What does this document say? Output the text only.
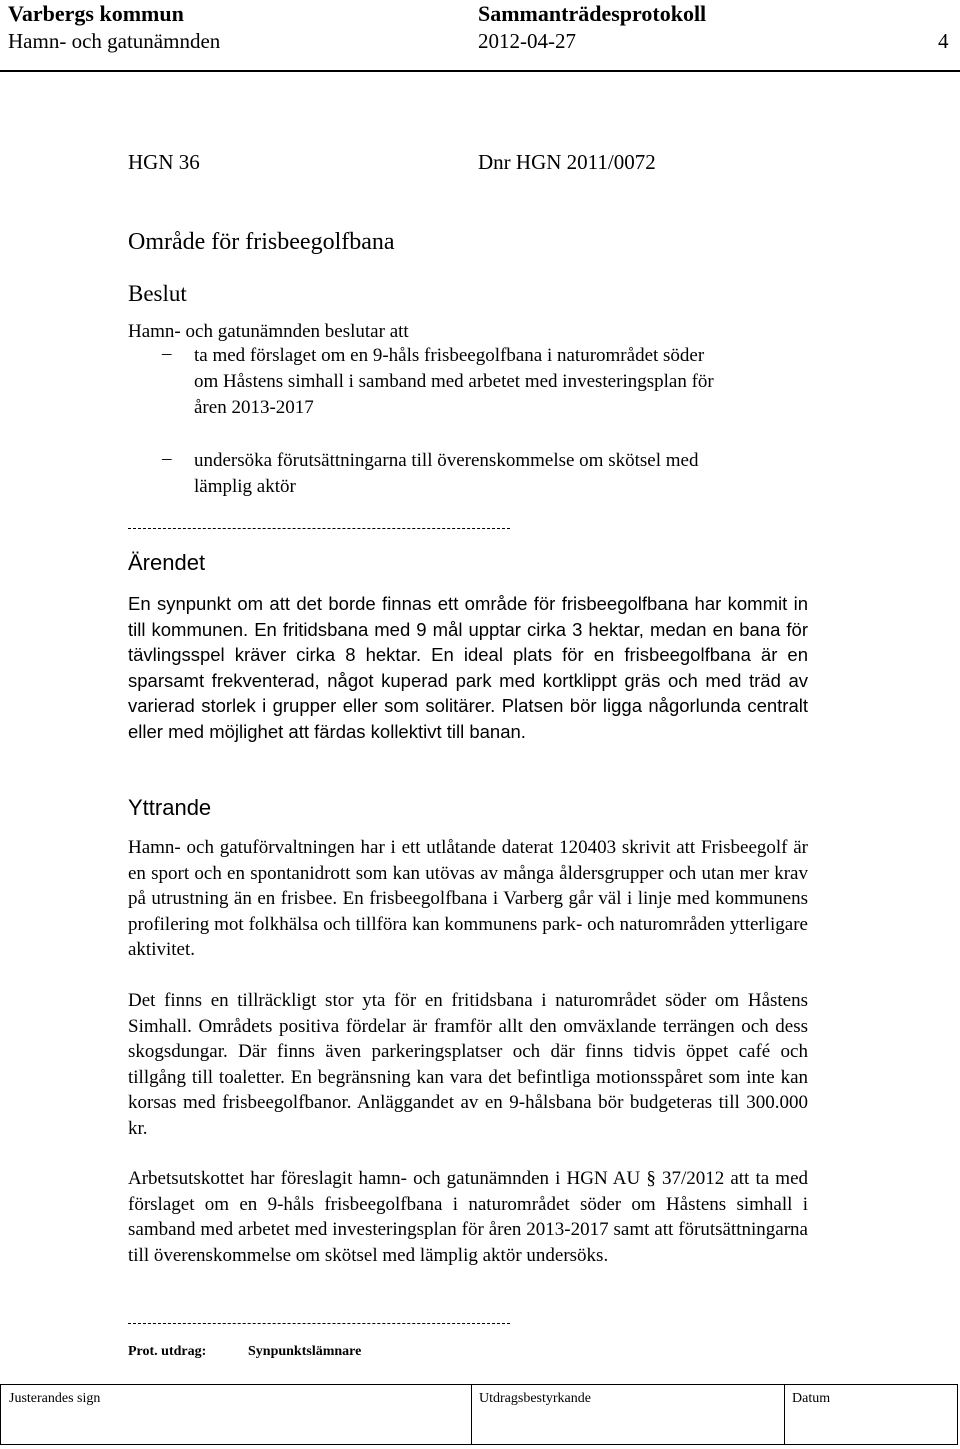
Varbergs kommun	Sammanträdesprotokoll
Hamn- och gatunämnden	2012-04-27	4
HGN 36	Dnr HGN 2011/0072
Område för frisbeegolfbana
Beslut
Hamn- och gatunämnden beslutar att
– ta med förslaget om en 9-håls frisbeegolfbana i naturområdet söder
om Håstens simhall i samband med arbetet med investeringsplan för
åren 2013-2017
– undersöka förutsättningarna till överenskommelse om skötsel med
lämplig aktör
Ärendet

En synpunkt om att det borde finnas ett område för frisbeegolfbana har kommit in till kommunen. En fritidsbana med 9 mål upptar cirka 3 hektar, medan en bana för tävlingsspel kräver cirka 8 hektar. En ideal plats för en frisbeegolfbana är en sparsamt frekventerad, något kuperad park med kortklippt gräs och med träd av varierad storlek i grupper eller som solitärer. Platsen bör ligga någorlunda centralt eller med möjlighet att färdas kollektivt till banan.

Yttrande

Hamn- och gatuförvaltningen har i ett utlåtande daterat 120403 skrivit att Frisbeegolf är en sport och en spontanidrott som kan utövas av många åldersgrupper och utan mer krav på utrustning än en frisbee. En frisbeegolfbana i Varberg går väl i linje med kommunens profilering mot folkhälsa och tillföra kan kommunens park- och naturområden ytterligare aktivitet.

Det finns en tillräckligt stor yta för en fritidsbana i naturområdet söder om Håstens Simhall. Områdets positiva fördelar är framför allt den omväxlande terrängen och dess skogsdungar. Där finns även parkeringsplatser och där finns tidvis öppet café och tillgång till toaletter. En begränsning kan vara det befintliga motionsspåret som inte kan korsas med frisbeegolfbanor. Anläggandet av en 9-hålsbana bör budgeteras till 300.000 kr.

Arbetsutskottet har föreslagit hamn- och gatunämnden i HGN AU § 37/2012 att ta med förslaget om en 9-håls frisbeegolfbana i naturområdet söder om Håstens simhall i samband med arbetet med investeringsplan för åren 2013-2017 samt att förutsättningarna till överenskommelse om skötsel med lämplig aktör undersöks.

Prot. utdrag:	Synpunktslämnare
Justerandes sign	Utdragsbestyrkande	Datum
